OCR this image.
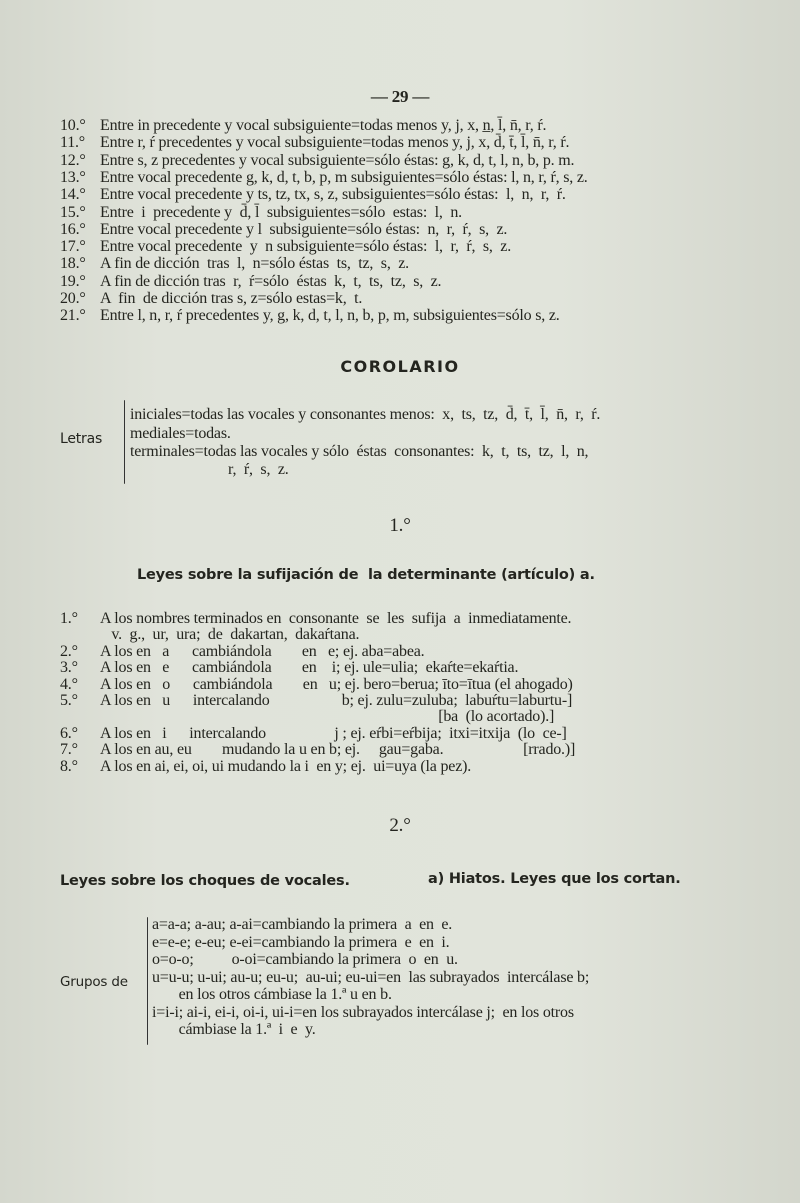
— 29 —
10.° Entre in precedente y vocal subsiguiente=todas menos y, j, x, n̲, l̄, n̄, r, ŕ.
11.° Entre r, ŕ precedentes y vocal subsiguiente=todas menos y, j, x, d̄, t̄, l̄, n̄, r, ŕ.
12.° Entre s, z precedentes y vocal subsiguiente=sólo éstas: g, k, d, t, l, n, b, p. m.
13.° Entre vocal precedente g, k, d, t, b, p, m subsiguientes=sólo éstas: l, n, r, ŕ, s, z.
14.° Entre vocal precedente y ts, tz, tx, s, z, subsiguientes=sólo éstas:  l,  n,  r,  ŕ.
15.° Entre  i  precedente y  d̄, l̄  subsiguientes=sólo  estas:  l,  n.
16.° Entre vocal precedente y l  subsiguiente=sólo éstas:  n,  r,  ŕ,  s,  z.
17.° Entre vocal precedente  y  n subsiguiente=sólo éstas:  l,  r,  ŕ,  s,  z.
18.° A fin de dicción  tras  l,  n=sólo éstas  ts,  tz,  s,  z.
19.° A fin de dicción tras  r,  ŕ=sólo  éstas  k,  t,  ts,  tz,  s,  z.
20.° A  fin  de dicción tras s, z=sólo estas=k,  t.
21.° Entre l, n, r, ŕ precedentes y, g, k, d, t, l, n, b, p, m, subsiguientes=sólo s, z.
COROLARIO
Letras
iniciales=todas las vocales y consonantes menos:  x,  ts,  tz,  d̄,  t̄,  l̄,  n̄,  r,  ŕ.
mediales=todas.
terminales=todas las vocales y sólo  éstas  consonantes:  k,  t,  ts,  tz,  l,  n,
r,  ŕ,  s,  z.
1.°
Leyes sobre la sufijación de  la determinante (artículo) a.
1.° A los nombres terminados en  consonante  se  les  sufija  a  inmediatamente.
v.  g.,  ur,  ura;  de  dakartan,  dakaŕtana.
2.° A los en   a      cambiándola        en   e; ej. aba=abea.
3.° A los en   e      cambiándola        en    i; ej. ule=ulia;  ekaŕte=ekaŕtia.
4.° A los en   o      cambiándola        en   u; ej. bero=berua; īto=ītua (el ahogado)
5.° A los en   u      intercalando                   b; ej. zulu=zuluba;  labuŕtu=laburtu-]
[ba  (lo acortado).]
6.° A los en   i      intercalando                  j ; ej. eŕbi=eŕbija;  itxi=itxija  (lo  ce-]
7.° A los en au, eu        mudando la u en b; ej.     gau=gaba.                     [rrado.)]
8.° A los en ai, ei, oi, ui mudando la i  en y; ej.  ui=uya (la pez).
2.°
Leyes sobre los choques de vocales.	a) Hiatos. Leyes que los cortan.
Grupos de
a=a-a; a-au; a-ai=cambiando la primera  a  en  e.
e=e-e; e-eu; e-ei=cambiando la primera  e  en  i.
o=o-o;          o-oi=cambiando la primera  o  en  u.
u=u-u; u-ui; au-u; eu-u;  au-ui; eu-ui=en  las subrayados  intercálase b;
en los otros cámbiase la 1.ª u en b.
i=i-i; ai-i, ei-i, oi-i, ui-i=en los subrayados intercálase j;  en los otros
cámbiase la 1.ª  i  e  y.
